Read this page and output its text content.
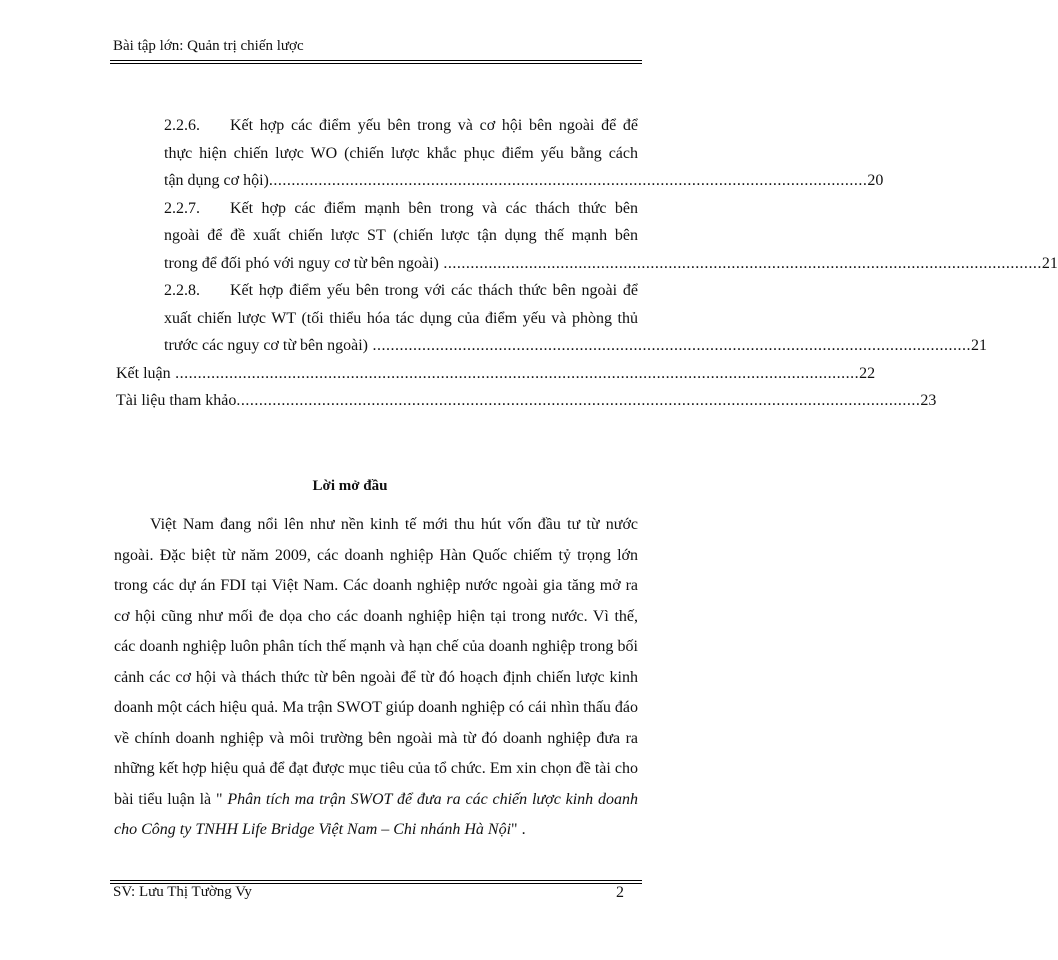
Bài tập lớn: Quản trị chiến lược
2.2.6. Kết hợp các điểm yếu bên trong và cơ hội bên ngoài để để
thực hiện chiến lược WO (chiến lược khắc phục điểm yếu bằng cách
tận dụng cơ hội) ..................................................................................................................................... 20
2.2.7. Kết hợp các điểm mạnh bên trong và các thách thức bên
ngoài để đề xuất chiến lược ST (chiến lược tận dụng thế mạnh bên
trong để đối phó với nguy cơ từ bên ngoài) ..................................................................................................................................... 21
2.2.8. Kết hợp điểm yếu bên trong với các thách thức bên ngoài để
xuất chiến lược WT (tối thiểu hóa tác dụng của điểm yếu và phòng thủ
trước các nguy cơ từ bên ngoài) ..................................................................................................................................... 21
Kết luận ........................................................................................................................................................ 22
Tài liệu tham khảo ........................................................................................................................................................ 23
Lời mở đầu
Việt Nam đang nổi lên như nền kinh tế mới thu hút vốn đầu tư từ nước ngoài. Đặc biệt từ năm 2009, các doanh nghiệp Hàn Quốc chiếm tỷ trọng lớn trong các dự án FDI tại Việt Nam. Các doanh nghiệp nước ngoài gia tăng mở ra cơ hội cũng như mối đe dọa cho các doanh nghiệp hiện tại trong nước. Vì thế, các doanh nghiệp luôn phân tích thế mạnh và hạn chế của doanh nghiệp trong bối cảnh các cơ hội và thách thức từ bên ngoài để từ đó hoạch định chiến lược kinh doanh một cách hiệu quả. Ma trận SWOT giúp doanh nghiệp có cái nhìn thấu đáo về chính doanh nghiệp và môi trường bên ngoài mà từ đó doanh nghiệp đưa ra những kết hợp hiệu quả để đạt được mục tiêu của tổ chức. Em xin chọn đề tài cho bài tiểu luận là " Phân tích ma trận SWOT để đưa ra các chiến lược kinh doanh cho Công ty TNHH Life Bridge Việt Nam – Chi nhánh Hà Nội" .
SV: Lưu Thị Tường Vy	2
